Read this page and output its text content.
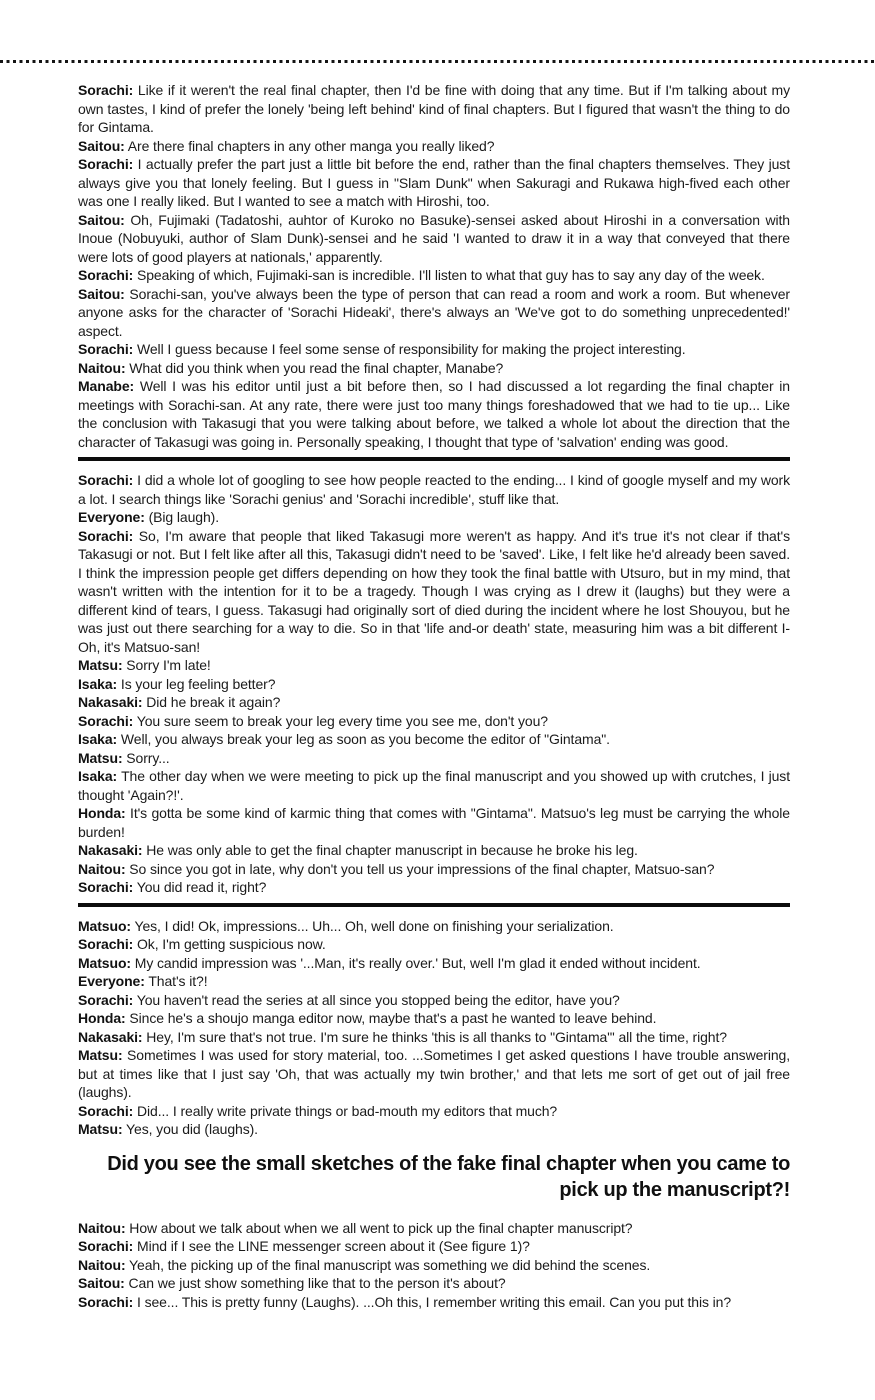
Sorachi: Like if it weren't the real final chapter, then I'd be fine with doing that any time. But if I'm talking about my own tastes, I kind of prefer the lonely 'being left behind' kind of final chapters. But I figured that wasn't the thing to do for Gintama.

Saitou: Are there final chapters in any other manga you really liked?

Sorachi: I actually prefer the part just a little bit before the end, rather than the final chapters themselves. They just always give you that lonely feeling. But I guess in "Slam Dunk" when Sakuragi and Rukawa high-fived each other was one I really liked. But I wanted to see a match with Hiroshi, too.

Saitou: Oh, Fujimaki (Tadatoshi, auhtor of Kuroko no Basuke)-sensei asked about Hiroshi in a conversation with Inoue (Nobuyuki, author of Slam Dunk)-sensei and he said 'I wanted to draw it in a way that conveyed that there were lots of good players at nationals,' apparently.

Sorachi: Speaking of which, Fujimaki-san is incredible. I'll listen to what that guy has to say any day of the week.

Saitou: Sorachi-san, you've always been the type of person that can read a room and work a room. But whenever anyone asks for the character of 'Sorachi Hideaki', there's always an 'We've got to do something unprecedented!' aspect.

Sorachi: Well I guess because I feel some sense of responsibility for making the project interesting.

Naitou: What did you think when you read the final chapter, Manabe?

Manabe: Well I was his editor until just a bit before then, so I had discussed a lot regarding the final chapter in meetings with Sorachi-san. At any rate, there were just too many things foreshadowed that we had to tie up... Like the conclusion with Takasugi that you were talking about before, we talked a whole lot about the direction that the character of Takasugi was going in. Personally speaking, I thought that type of 'salvation' ending was good.

Sorachi: I did a whole lot of googling to see how people reacted to the ending... I kind of google myself and my work a lot. I search things like 'Sorachi genius' and 'Sorachi incredible', stuff like that.

Everyone: (Big laugh).

Sorachi: So, I'm aware that people that liked Takasugi more weren't as happy. And it's true it's not clear if that's Takasugi or not. But I felt like after all this, Takasugi didn't need to be 'saved'. Like, I felt like he'd already been saved. I think the impression people get differs depending on how they took the final battle with Utsuro, but in my mind, that wasn't written with the intention for it to be a tragedy. Though I was crying as I drew it (laughs) but they were a different kind of tears, I guess. Takasugi had originally sort of died during the incident where he lost Shouyou, but he was just out there searching for a way to die. So in that 'life and-or death' state, measuring him was a bit different I- Oh, it's Matsuo-san!

Matsu: Sorry I'm late!

Isaka: Is your leg feeling better?

Nakasaki: Did he break it again?

Sorachi: You sure seem to break your leg every time you see me, don't you?

Isaka: Well, you always break your leg as soon as you become the editor of "Gintama".

Matsu: Sorry...

Isaka: The other day when we were meeting to pick up the final manuscript and you showed up with crutches, I just thought 'Again?!'.

Honda: It's gotta be some kind of karmic thing that comes with "Gintama". Matsuo's leg must be carrying the whole burden!

Nakasaki: He was only able to get the final chapter manuscript in because he broke his leg.

Naitou: So since you got in late, why don't you tell us your impressions of the final chapter, Matsuo-san?

Sorachi: You did read it, right?

Matsuo: Yes, I did! Ok, impressions... Uh... Oh, well done on finishing your serialization.

Sorachi: Ok, I'm getting suspicious now.

Matsuo: My candid impression was '...Man, it's really over.' But, well I'm glad it ended without incident.

Everyone: That's it?!

Sorachi: You haven't read the series at all since you stopped being the editor, have you?

Honda: Since he's a shoujo manga editor now, maybe that's a past he wanted to leave behind.

Nakasaki: Hey, I'm sure that's not true. I'm sure he thinks 'this is all thanks to "Gintama"' all the time, right?

Matsu: Sometimes I was used for story material, too. ...Sometimes I get asked questions I have trouble answering, but at times like that I just say 'Oh, that was actually my twin brother,' and that lets me sort of get out of jail free (laughs).

Sorachi: Did... I really write private things or bad-mouth my editors that much?

Matsu: Yes, you did (laughs).

Did you see the small sketches of the fake final chapter when you came to pick up the manuscript?!

Naitou: How about we talk about when we all went to pick up the final chapter manuscript?

Sorachi: Mind if I see the LINE messenger screen about it (See figure 1)?

Naitou: Yeah, the picking up of the final manuscript was something we did behind the scenes.

Saitou: Can we just show something like that to the person it's about?

Sorachi: I see... This is pretty funny (Laughs). ...Oh this, I remember writing this email. Can you put this in?
